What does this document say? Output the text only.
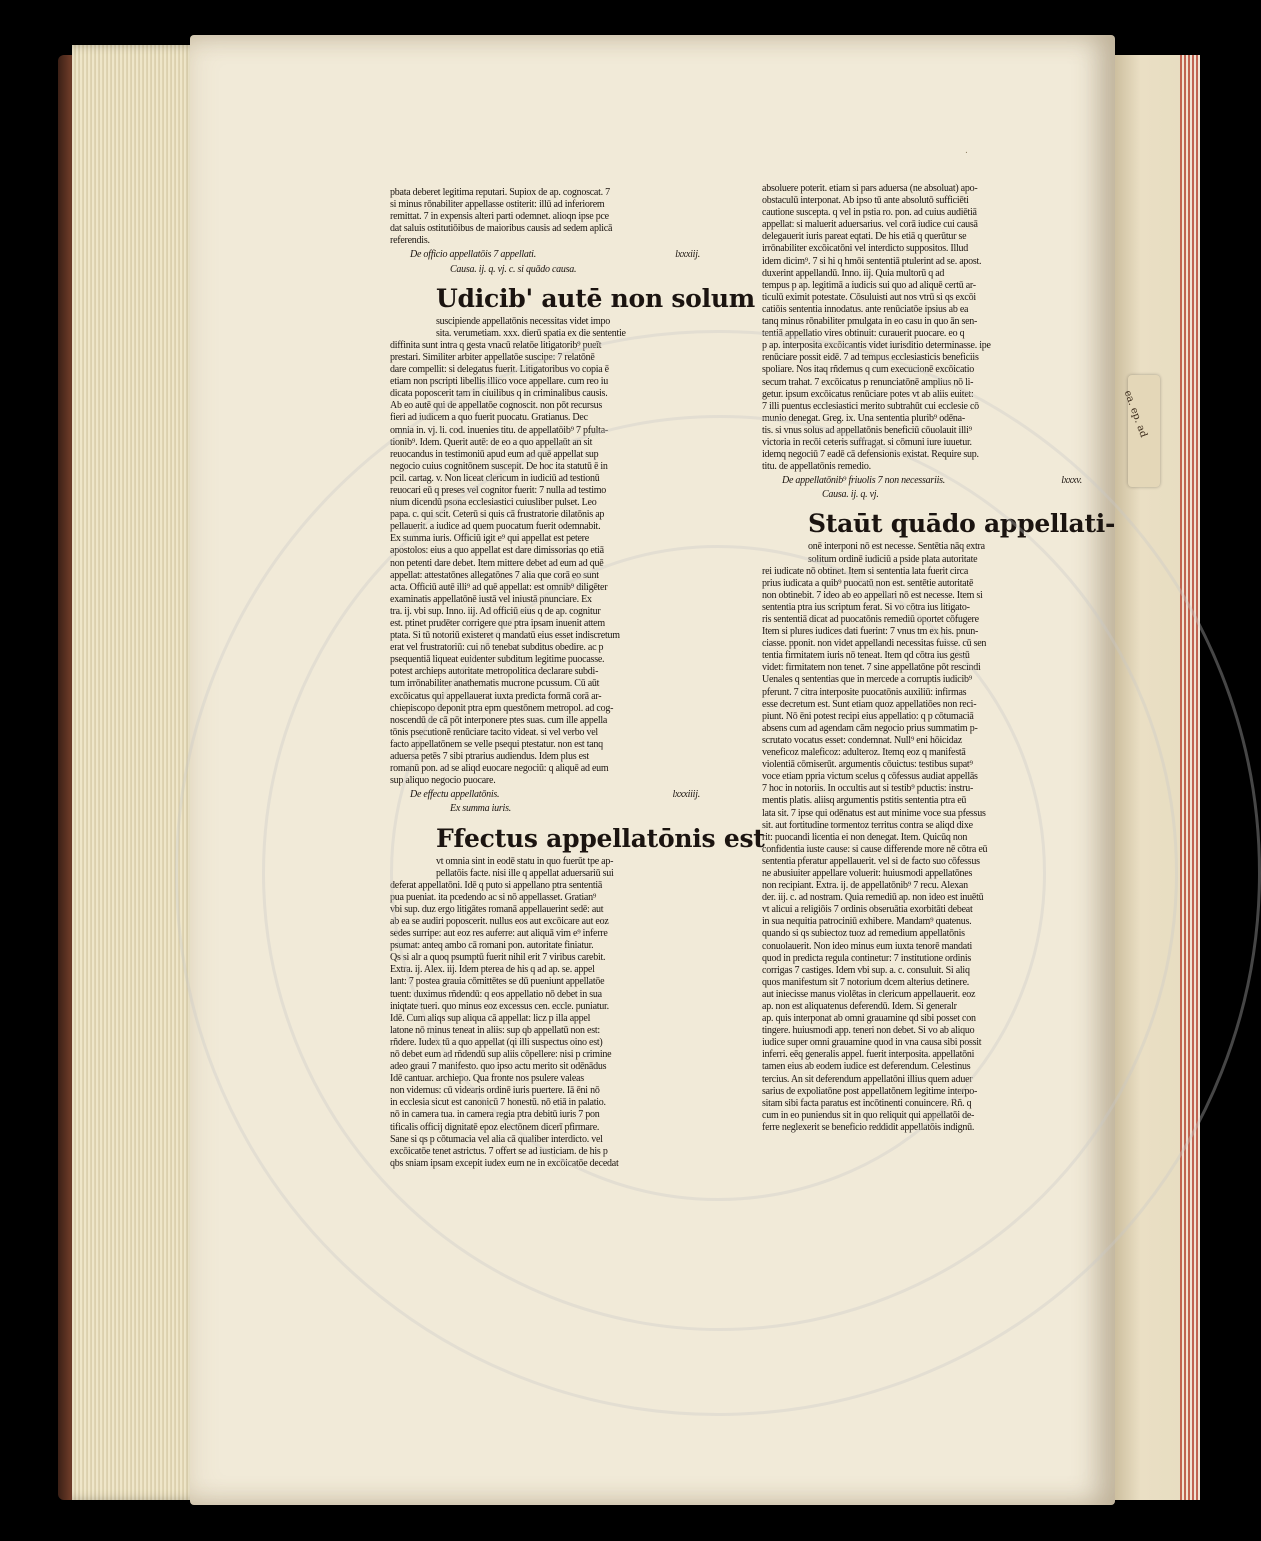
.

pbata deberet legitima reputari. Supiox de ap. cognoscat. 7

si minus rōnabiliter appellasse ostiterit: illū ad inferiorem

remittat. 7 in expensis alteri parti odemnet. alioqn ipse pce

dat saluis ostitutiōibus de maioribus causis ad sedem aplicā

referendis.

lxxxiij.
De officio appellatōis 7 appellati.

Causa. ij. q. vj. c. si quādo causa.

Udicib' autē non solum

suscipiende appellatōnis necessitas videt impo

sita. verumetiam. xxx. dierū spatia ex die sententie

diffinita sunt intra q gesta vnacū relatōe litigatorib⁹ pueīt

prestari. Similiter arbiter appellatōe suscipe: 7 relatōnē

dare compellit: si delegatus fuerit. Litigatoribus vo copia ē

etiam non pscripti libellis illico voce appellare. cum reo iu

dicata poposcerit tam in ciuilibus q in criminalibus causis.

Ab eo autē qui de appellatōe cognoscit. non pōt recursus

fieri ad iudicem a quo fuerit puocatu. Gratianus. Dec

omnia in. vj. li. cod. inuenies titu. de appellatōib⁹ 7 pfulta-

tionib⁹. Idem. Querit autē: de eo a quo appellaūt an sit

reuocandus in testimoniū apud eum ad quē appellat sup

negocio cuius cognitōnem suscepit. De hoc ita statutū ē in

pcil. cartag. v. Non liceat clericum in iudiciū ad testionū

reuocari eū q preses vel cognitor fuerit: 7 nulla ad testimo

nium dicendū psona ecclesiastici cuiusliber pulset. Leo

papa. c. qui scit. Ceterū si quis cā frustratorie dilatōnis ap

pellauerit. a iudice ad quem puocatum fuerit odemnabit.

Ex summa iuris. Officiū igit e⁹ qui appellat est petere

apostolos: eius a quo appellat est dare dimissorias qo etiā

non petenti dare debet. Item mittere debet ad eum ad quē

appellat: attestatōnes allegatōnes 7 alia que corā eo sunt

acta. Officiū autē illi⁹ ad quē appellat: est omnib⁹ diligēter

examinatis appellatōnē iustā vel iniustā pnunciare. Ex

tra. ij. vbi sup. Inno. iij. Ad officiū eius q de ap. cognitur

est. ptinet prudēter corrigere que ptra ipsam inuenit attem

ptata. Si tū notoriū existeret q mandatū eius esset indiscretum

erat vel frustratoriū: cui nō tenebat subditus obedire. ac p

psequentiā liqueat euidenter subditum legitime puocasse.

potest archieps autoritate metropolitica declarare subdi-

tum irrōnabiliter anathematis mucrone pcussum. Cū aūt

excōicatus qui appellauerat iuxta predicta formā corā ar-

chiepiscopo deponit ptra epm questōnem metropol. ad cog-

noscendū de cā pōt interponere ptes suas. cum ille appella

tōnis psecutionē renūciare tacito videat. si vel verbo vel

facto appellatōnem se velle psequi ptestatur. non est tanq

aduersa petēs 7 sibi ptrarius audiendus. Idem plus est

romanū pon. ad se aliqd euocare negociū: q aliquē ad eum

sup aliquo negocio puocare.

lxxxiiij.
De effectu appellatōnis.

Ex summa iuris.

Ffectus appellatōnis est

vt omnia sint in eodē statu in quo fuerūt tpe ap-

pellatōis facte. nisi ille q appellat aduersariū sui

deferat appellatōni. Idē q puto si appellano ptra sententiā

pua pueniat. ita pcedendo ac si nō appellasset. Gratian⁹

vbi sup. duz ergo litigātes romanā appellauerint sedē: aut

ab ea se audiri poposcerit. nullus eos aut excōicare aut eoz

sedes surripe: aut eoz res auferre: aut aliquā vim e⁹ inferre

psumat: anteq ambo cā romani pon. autoritate finiatur.

Qs si alr a quoq psumptū fuerit nihil erit 7 viribus carebit.

Extra. ij. Alex. iij. Idem pterea de his q ad ap. se. appel

lant: 7 postea grauia cōmittētes se dū pueniunt appellatōe

tuent: duximus rñdendū: q eos appellatio nō debet in sua

iniqtate tueri. quo minus eoz excessus cen. eccle. puniatur.

Idē. Cum aliqs sup aliqua cā appellat: licz p illa appel

latone nō minus teneat in aliis: sup qb appellatū non est:

rñdere. Iudex tū a quo appellat (qi illi suspectus oino est)

nō debet eum ad rñdendū sup aliis cōpellere: nisi p crimine

adeo graui 7 manifesto. quo ipso actu merito sit odēnādus

Idē cantuar. archiepo. Qua fronte nos psulere valeas

non videmus: cū videaris ordinē iuris puertere. Iā ēni nō

in ecclesia sicut est canonicū 7 honestū. nō etiā in palatio.

nō in camera tua. in camera regia ptra debitū iuris 7 pon

tificalis officij dignitatē epoz electōnem dicerī pfirmare.

Sane si qs p cōtumacia vel alia cā qualiber interdicto. vel

excōicatōe tenet astrictus. 7 offert se ad iusticiam. de his p

qbs sniam ipsam excepit iudex eum ne in excōicatōe decedat

absoluere poterit. etiam si pars aduersa (ne absoluat) apo-

obstaculū interponat. Ab ipso tū ante absolutō sufficiēti

cautione suscepta. q vel in pstia ro. pon. ad cuius audiētiā

appellat: si maluerit aduersarius. vel corā iudice cui causā

delegauerit iuris pareat eqtati. De his etiā q querūtur se

irrōnabiliter excōicatōni vel interdicto suppositos. Illud

idem dicim⁹. 7 si hi q hmōi sententiā ptulerint ad se. apost.

duxerint appellandū. Inno. iij. Quia multorū q ad

tempus p ap. legitimā a iudicis sui quo ad aliquē certū ar-

ticulū eximit potestate. Cōsuluisti aut nos vtrū si qs excōi

catiōis sententia innodatus. ante renūciatōe ipsius ab ea

tanq minus rōnabiliter pmulgata in eo casu in quo ān sen-

tentiā appellatio vires obtinuit: curauerit puocare. eo q

p ap. interposita excōicantis videt iurisditio determinasse. ipe

renūciare possit eidē. 7 ad tempus ecclesiasticis beneficiis

spoliare. Nos itaq rñdemus q cum execucionē excōicatio

secum trahat. 7 excōicatus p renunciatōnē amplius nō li-

getur. ipsum excōicatus renūciare potes vt ab aliis euitet:

7 illi puentus ecclesiastici merito subtrahūt cui ecclesie cō

munio denegat. Greg. ix. Una sententia plurib⁹ odēna-

tis. si vnus solus ad appellatōnis beneficiū cōuolauit illi⁹

victoria in recōi ceteris suffragat. si cōmuni iure iuuetur.

idemq negociū 7 eadē cā defensionis existat. Require sup.

titu. de appellatōnis remedio.

lxxxv.
De appellatōnib⁹ friuolis 7 non necessariis.

Causa. ij. q. vj.

Staūt quādo appellati-

onē interponi nō est necesse. Sentētia nāq extra

solitum ordinē iudiciū a pside plata autoritate

rei iudicate nō obtinet. Item si sententia lata fuerit circa

prius iudicata a quib⁹ puocatū non est. sentētie autoritatē

non obtinebit. 7 ideo ab eo appellari nō est necesse. Item si

sententia ptra ius scriptum ferat. Si vo cōtra ius litigato-

ris sententiā dicat ad puocatōnis remediū oportet cōfugere

Item si plures iudices dati fuerint: 7 vnus tm ex his. pnun-

ciasse. pponit. non videt appellandi necessitas fuisse. cū sen

tentia firmitatem iuris nō teneat. Item qd cōtra ius gestū

videt: firmitatem non tenet. 7 sine appellatōne pōt rescindi

Uenales q sententias que in mercede a corruptis iudicib⁹

pferunt. 7 citra interposite puocatōnis auxiliū: infirmas

esse decretum est. Sunt etiam quoz appellatiōes non reci-

piunt. Nō ēni potest recipi eius appellatio: q p cōtumaciā

absens cum ad agendam cām negocio prius summatim p-

scrutato vocatus esset: condemnat. Null⁹ eni hōicidaz

veneficoz maleficoz: adulteroz. Itemq eoz q manifestā

violentiā cōmiserūt. argumentis cōuictus: testibus supat⁹

voce etiam ppria victum scelus q cōfessus audiat appellās

7 hoc in notoriis. In occultis aut si testib⁹ pductis: instru-

mentis platis. aliisq argumentis pstitis sententia ptra eū

lata sit. 7 ipse qui odēnatus est aut minime voce sua pfessus

sit. aut fortitudine tormentoz territus contra se aliqd dixe

rit: puocandi licentia ei non denegat. Item. Quicūq non

confidentia iuste cause: si cause differende more nē cōtra eū

sententia pferatur appellauerit. vel si de facto suo cōfessus

ne abusiuiter appellare voluerit: huiusmodi appellatōnes

non recipiant. Extra. ij. de appellatōnib⁹ 7 recu. Alexan

der. iij. c. ad nostram. Quia remediū ap. non ideo est inuētū

vt alicui a religiōis 7 ordinis obseruātia exorbitāti debeat

in sua nequitia patrociniū exhibere. Mandam⁹ quatenus.

quando si qs subiectoz tuoz ad remedium appellatōnis

conuolauerit. Non ideo minus eum iuxta tenorē mandati

quod in predicta regula continetur: 7 institutione ordinis

corrigas 7 castiges. Idem vbi sup. a. c. consuluit. Si aliq

quos manifestum sit 7 notorium dcem alterius detinere.

aut iniecisse manus violētas in clericum appellauerit. eoz

ap. non est aliquatenus deferendū. Idem. Si generalr

ap. quis interponat ab omni grauamine qd sibi posset con

tingere. huiusmodi app. teneri non debet. Si vo ab aliquo

iudice super omni grauamine quod in vna causa sibi possit

inferri. eēq generalis appel. fuerit interposita. appellatōni

tamen eius ab eodem iudice est deferendum. Celestinus

tercius. An sit deferendum appellatōni illius quem aduer

sarius de expoliatōne post appellatōnem legitime interpo-

sitam sibi facta paratus est incōtinenti conuincere. Rñ. q

cum in eo puniendus sit in quo reliquit qui appellatōi de-

ferre neglexerit se beneficio reddidit appellatōis indignū.

ea. ep. ad
